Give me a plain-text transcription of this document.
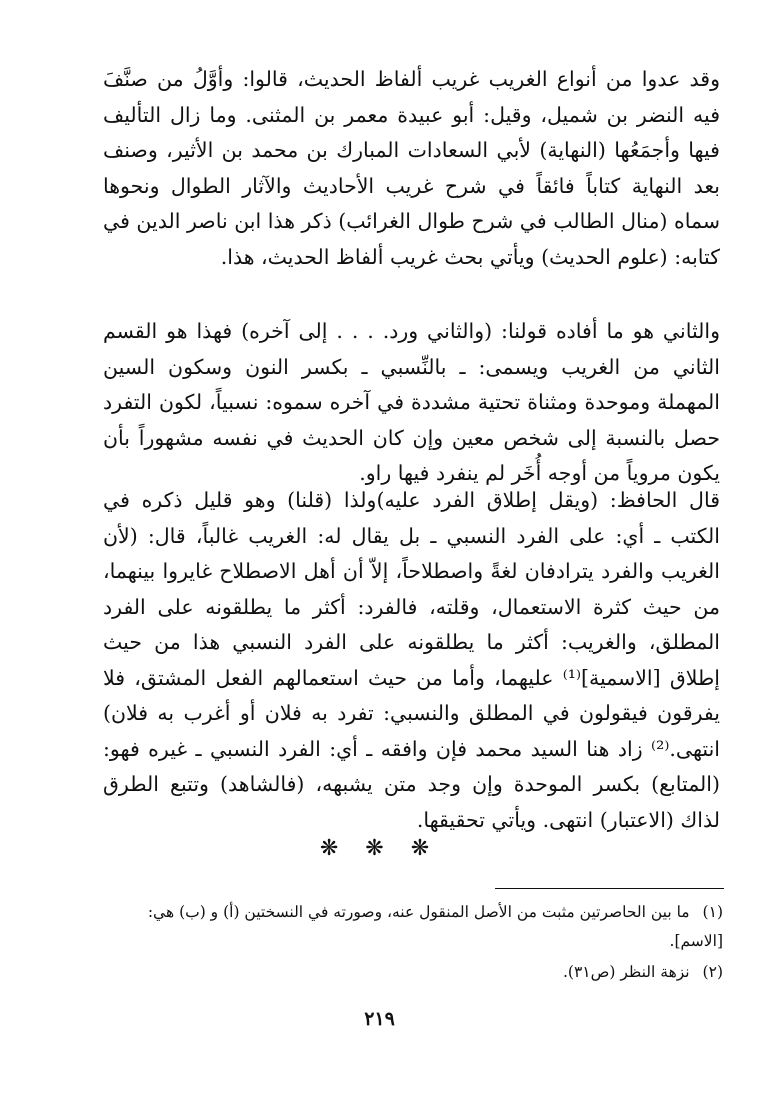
وقد عدوا من أنواع الغريب غريب ألفاظ الحديث، قالوا: وأوَّلُ من صنَّفَ فيه النضر بن شميل، وقيل: أبو عبيدة معمر بن المثنى. وما زال التأليف فيها وأجمَعُها (النهاية) لأبي السعادات المبارك بن محمد بن الأثير، وصنف بعد النهاية كتاباً فائقاً في شرح غريب الأحاديث والآثار الطوال ونحوها سماه (منال الطالب في شرح طوال الغرائب) ذكر هذا ابن ناصر الدين في كتابه: (علوم الحديث) ويأتي بحث غريب ألفاظ الحديث، هذا.

والثاني هو ما أفاده قولنا: (والثاني ورد. . . . إلى آخره) فهذا هو القسم الثاني من الغريب ويسمى: ـ بالنِّسبي ـ بكسر النون وسكون السين المهملة وموحدة ومثناة تحتية مشددة في آخره سموه: نسبياً، لكون التفرد حصل بالنسبة إلى شخص معين وإن كان الحديث في نفسه مشهوراً بأن يكون مروياً من أوجه أُخَر لم ينفرد فيها راو.

قال الحافظ: (ويقل إطلاق الفرد عليه)ولذا (قلنا) وهو قليل ذكره في الكتب ـ أي: على الفرد النسبي ـ بل يقال له: الغريب غالباً، قال: (لأن الغريب والفرد يترادفان لغةً واصطلاحاً، إلاّ أن أهل الاصطلاح غايروا بينهما، من حيث كثرة الاستعمال، وقلته، فالفرد: أكثر ما يطلقونه على الفرد المطلق، والغريب: أكثر ما يطلقونه على الفرد النسبي هذا من حيث إطلاق [الاسمية]⁽¹⁾ عليهما، وأما من حيث استعمالهم الفعل المشتق، فلا يفرقون فيقولون في المطلق والنسبي: تفرد به فلان أو أغرب به فلان) انتهى.⁽²⁾ زاد هنا السيد محمد فإن وافقه ـ أي: الفرد النسبي ـ غيره فهو: (المتابع) بكسر الموحدة وإن وجد متن يشبهه، (فالشاهد) وتتبع الطرق لذاك (الاعتبار) انتهى. ويأتي تحقيقها.

❋ ❋ ❋

(١) ما بين الحاصرتين مثبت من الأصل المنقول عنه، وصورته في النسختين (أ) و (ب) هي: [الاسم].

(٢) نزهة النظر (ص٣١).

٢١٩
